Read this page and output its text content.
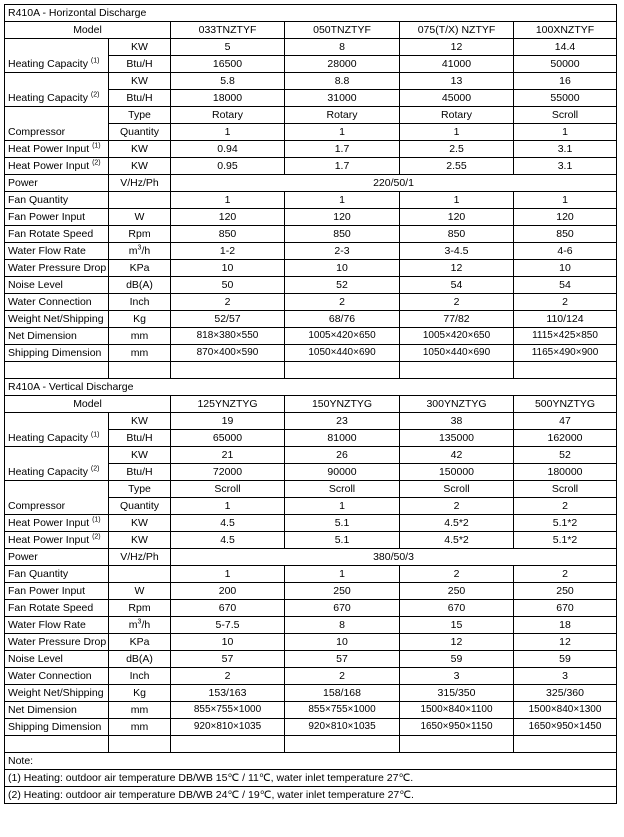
R410A - Horizontal Discharge					
Model		033TNZTYF	050TNZTYF	075(T/X) NZTYF	100XNZTYF
Heating Capacity $^{(1)}$	KW	5	8	12	14.4
	Btu/H	16500	28000	41000	50000
Heating Capacity $^{(2)}$	KW	5.8	8.8	13	16
	Btu/H	18000	31000	45000	55000
Compressor	Type	Rotary	Rotary	Rotary	Scroll
	Quantity	1	1	1	1
Heat Power Input $^{(1)}$	KW	0.94	1.7	2.5	3.1
Heat Power Input $^{(2)}$	KW	0.95	1.7	2.55	3.1
Power	V/Hz/Ph	220/50/1			
Fan Quantity		1	1	1	1
Fan Power Input	W	120	120	120	120
Fan Rotate Speed	Rpm	850	850	850	850
Water Flow Rate	$m^3/h$	1-2	2-3	3-4.5	4-6
Water Pressure Drop	KPa	10	10	12	10
Noise Level	dB(A)	50	52	54	54
Water Connection	Inch	2	2	2	2
Weight Net/Shipping	Kg	52/57	68/76	77/82	110/124
Net Dimension	mm	818×380×550	1005×420×650	1005×420×650	1115×425×850
Shipping Dimension	mm	870×400×590	1050×440×690	1050×440×690	1165×490×900

R410A - Vertical Discharge					
Model		125YNZTYG	150YNZTYG	300YNZTYG	500YNZTYG
Heating Capacity $^{(1)}$	KW	19	23	38	47
	Btu/H	65000	81000	135000	162000
Heating Capacity $^{(2)}$	KW	21	26	42	52
	Btu/H	72000	90000	150000	180000
Compressor	Type	Scroll	Scroll	Scroll	Scroll
	Quantity	1	1	2	2
Heat Power Input $^{(1)}$	KW	4.5	5.1	4.5*2	5.1*2
Heat Power Input $^{(2)}$	KW	4.5	5.1	4.5*2	5.1*2
Power	V/Hz/Ph	380/50/3			
Fan Quantity		1	1	2	2
Fan Power Input	W	200	250	250	250
Fan Rotate Speed	Rpm	670	670	670	670
Water Flow Rate	$m^3/h$	5-7.5	8	15	18
Water Pressure Drop	KPa	10	10	12	12
Noise Level	dB(A)	57	57	59	59
Water Connection	Inch	2	2	3	3
Weight Net/Shipping	Kg	153/163	158/168	315/350	325/360
Net Dimension	mm	855×755×1000	855×755×1000	1500×840×1100	1500×840×1300
Shipping Dimension	mm	920×810×1035	920×810×1035	1650×950×1150	1650×950×1450

Note:					
(1) Heating: outdoor air temperature DB/WB 15℃ / 11℃, water inlet temperature 27℃.					
(2) Heating: outdoor air temperature DB/WB 24℃ / 19℃, water inlet temperature 27℃.					
